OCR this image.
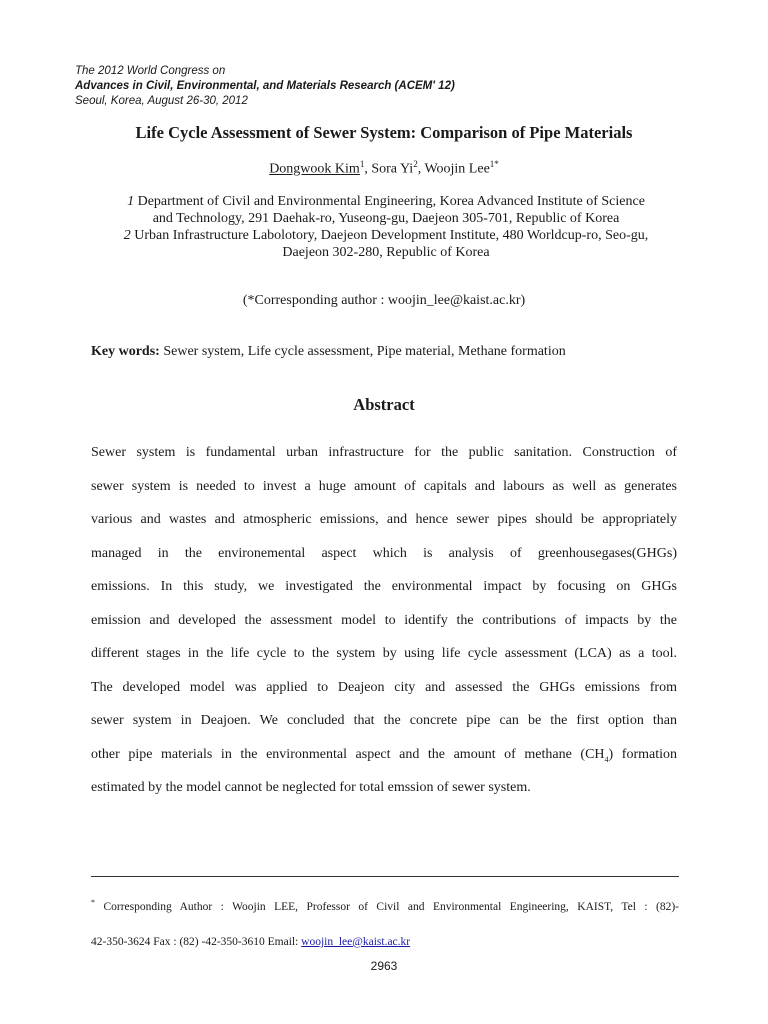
The 2012 World Congress on
Advances in Civil, Environmental, and Materials Research (ACEM' 12)
Seoul, Korea, August 26-30, 2012
Life Cycle Assessment of Sewer System: Comparison of Pipe Materials
Dongwook Kim$^1$, Sora Yi$^2$, Woojin Lee$^{1*}$
1 Department of Civil and Environmental Engineering, Korea Advanced Institute of Science
and Technology, 291 Daehak-ro, Yuseong-gu, Daejeon 305-701, Republic of Korea
2 Urban Infrastructure Labolotory, Daejeon Development Institute, 480 Worldcup-ro, Seo-gu,
Daejeon 302-280, Republic of Korea
(*Corresponding author : woojin_lee@kaist.ac.kr)
Key words: Sewer system, Life cycle assessment, Pipe material, Methane formation
Abstract
Sewer system is fundamental urban infrastructure for the public sanitation. Construction of
sewer system is needed to invest a huge amount of capitals and labours as well as generates
various and wastes and atmospheric emissions, and hence sewer pipes should be appropriately
managed in the environemental aspect which is analysis of greenhousegases(GHGs)
emissions. In this study, we investigated the environmental impact by focusing on GHGs
emission and developed the assessment model to identify the contributions of impacts by the
different stages in the life cycle to the system by using life cycle assessment (LCA) as a tool.
The developed model was applied to Deajeon city and assessed the GHGs emissions from
sewer system in Deajoen. We concluded that the concrete pipe can be the first option than
other pipe materials in the environmental aspect and the amount of methane $(CH_4)$ formation
estimated by the model cannot be neglected for total emssion of sewer system.
* Corresponding Author : Woojin LEE, Professor of Civil and Environmental Engineering, KAIST, Tel : (82)-
42-350-3624 Fax : (82) -42-350-3610 Email: woojin_lee@kaist.ac.kr
2963
